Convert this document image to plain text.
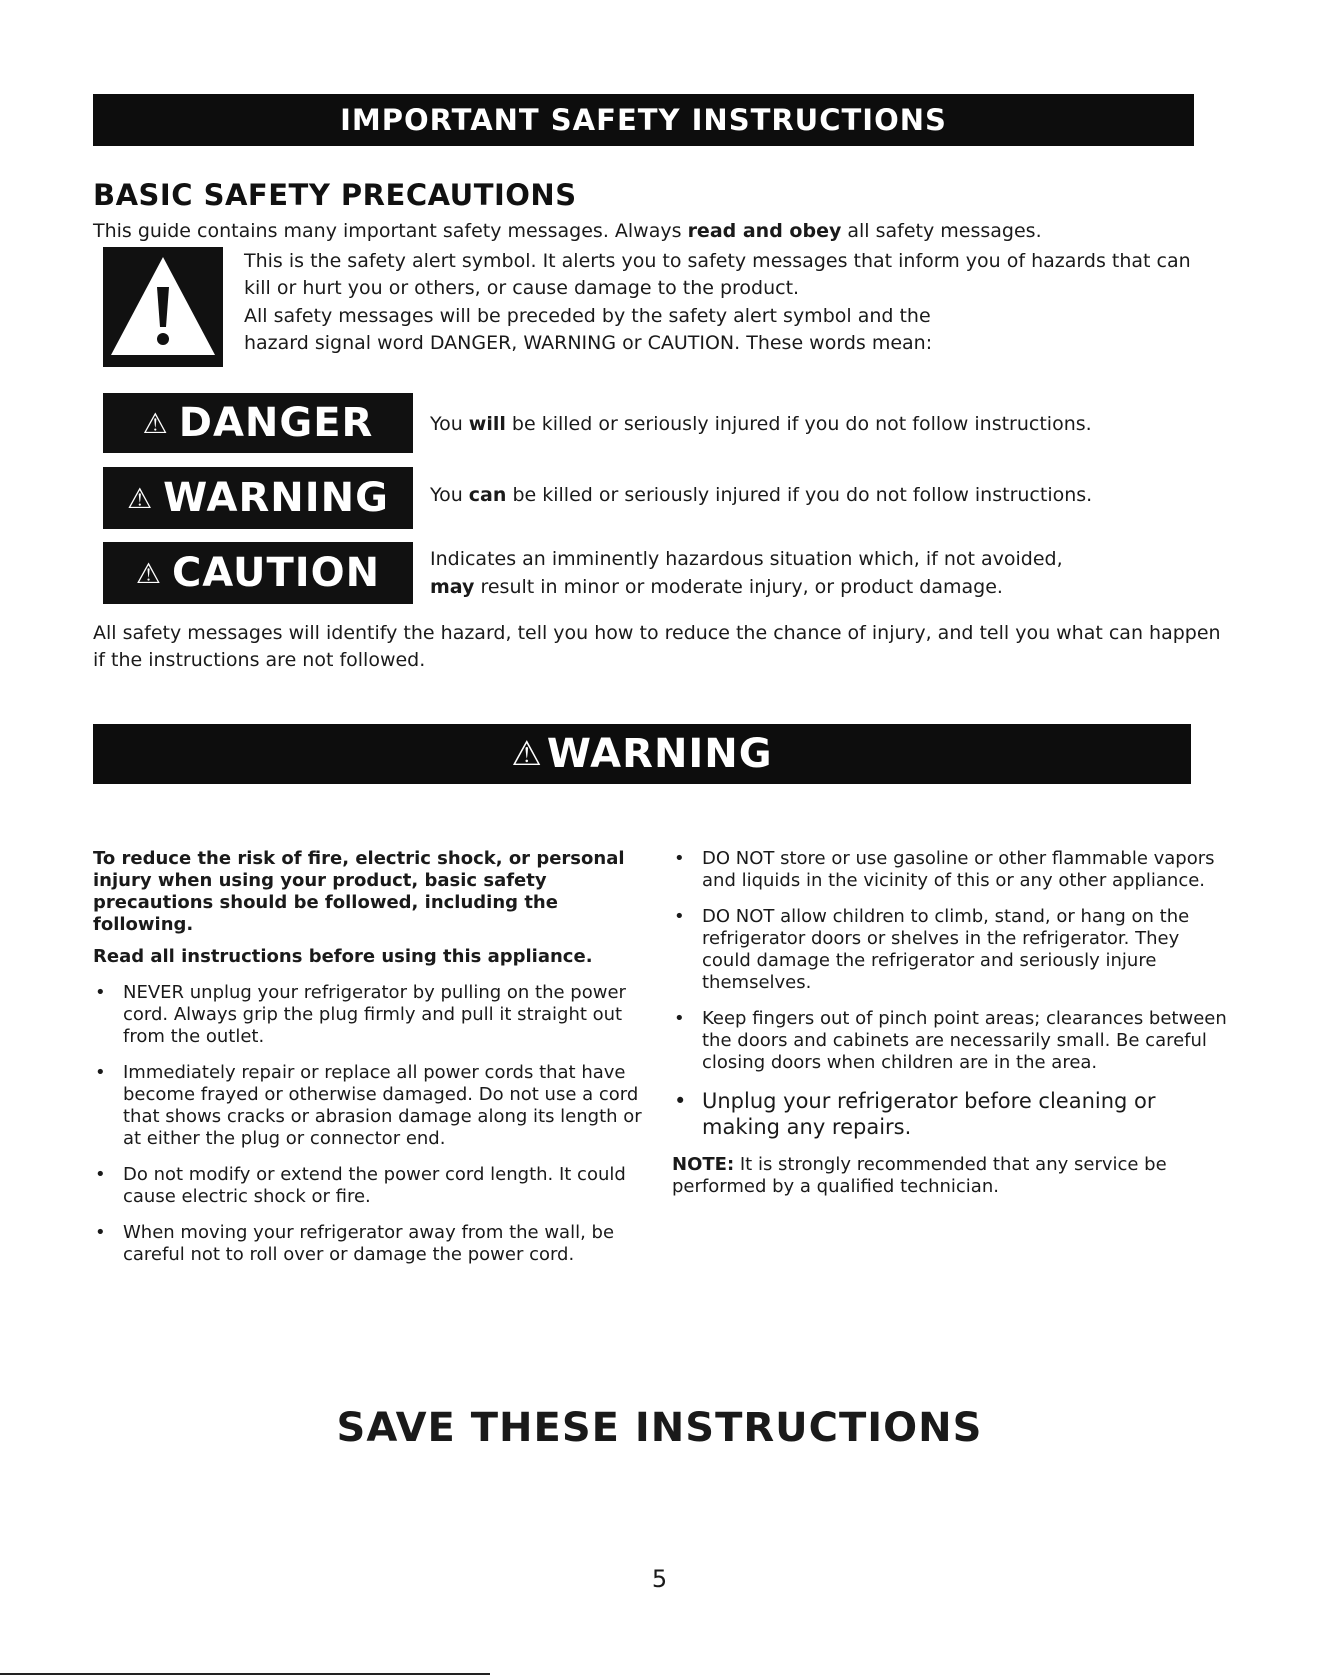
IMPORTANT SAFETY INSTRUCTIONS
BASIC SAFETY PRECAUTIONS
This guide contains many important safety messages. Always read and obey all safety messages.
This is the safety alert symbol. It alerts you to safety messages that inform you of hazards that can kill or hurt you or others, or cause damage to the product.
All safety messages will be preceded by the safety alert symbol and the hazard signal word DANGER, WARNING or CAUTION. These words mean:
⚠ DANGER	You will be killed or seriously injured if you do not follow instructions.
⚠ WARNING You can be killed or seriously injured if you do not follow instructions.
⚠ CAUTION	Indicates an imminently hazardous situation which, if not avoided,
may result in minor or moderate injury, or product damage.
All safety messages will identify the hazard, tell you how to reduce the chance of injury, and tell you what can happen if the instructions are not followed.
⚠ WARNING
To reduce the risk of fire, electric shock, or personal injury when using your product, basic safety precautions should be followed, including the following.
Read all instructions before using this appliance.
• NEVER unplug your refrigerator by pulling on the power cord. Always grip the plug firmly and pull it straight out from the outlet.
• Immediately repair or replace all power cords that have become frayed or otherwise damaged. Do not use a cord that shows cracks or abrasion damage along its length or at either the plug or connector end.
• Do not modify or extend the power cord length. It could cause electric shock or fire.
• When moving your refrigerator away from the wall, be careful not to roll over or damage the power cord.
• DO NOT store or use gasoline or other flammable vapors and liquids in the vicinity of this or any other appliance.
• DO NOT allow children to climb, stand, or hang on the refrigerator doors or shelves in the refrigerator. They could damage the refrigerator and seriously injure themselves.
• Keep fingers out of pinch point areas; clearances between the doors and cabinets are necessarily small. Be careful closing doors when children are in the area.
• Unplug your refrigerator before cleaning or making any repairs.
NOTE: It is strongly recommended that any service be performed by a qualified technician.
SAVE THESE INSTRUCTIONS
5
